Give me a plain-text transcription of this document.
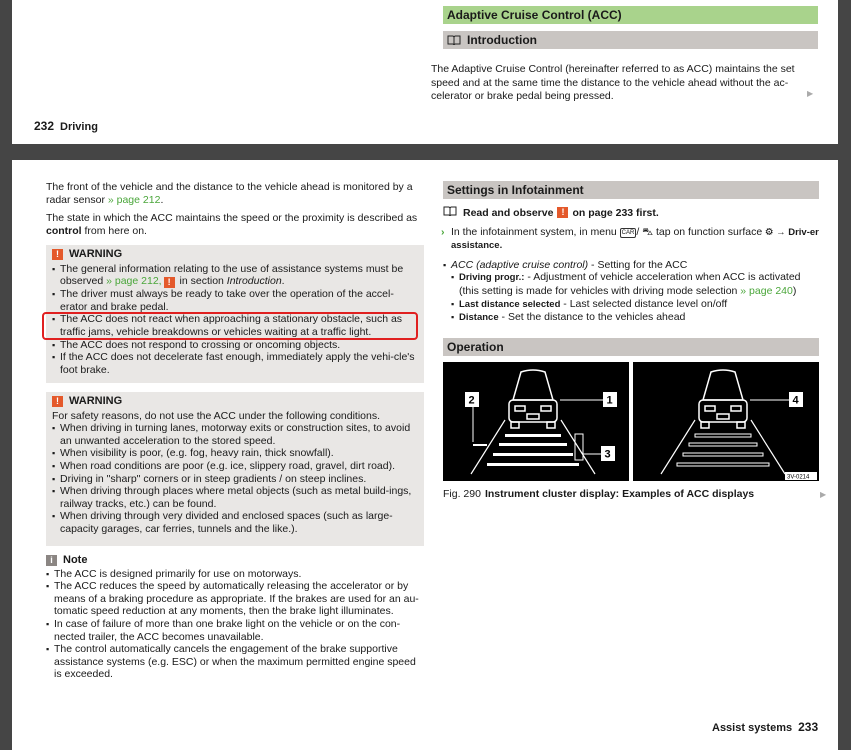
Adaptive Cruise Control (ACC)
Introduction
The Adaptive Cruise Control (hereinafter referred to as ACC) maintains the set speed and at the same time the distance to the vehicle ahead without the ac-celerator or brake pedal being pressed.	▶
232 Driving

The front of the vehicle and the distance to the vehicle ahead is monitored by a radar sensor » page 212.

The state in which the ACC maintains the speed or the proximity is described as control from here on.

! WARNING
▪ The general information relating to the use of assistance systems must be observed » page 212, ! in section Introduction.
▪ The driver must always be ready to take over the operation of the accel-erator and brake pedal.
▪ The ACC does not react when approaching a stationary obstacle, such as traffic jams, vehicle breakdowns or vehicles waiting at a traffic light.
▪ The ACC does not respond to crossing or oncoming objects.
▪ If the ACC does not decelerate fast enough, immediately apply the vehi-cle's foot brake.
! WARNING
For safety reasons, do not use the ACC under the following conditions.
▪ When driving in turning lanes, motorway exits or construction sites, to avoid an unwanted acceleration to the stored speed.
▪ When visibility is poor, (e.g. fog, heavy rain, thick snowfall).
▪ When road conditions are poor (e.g. ice, slippery road, gravel, dirt road).
▪ Driving in "sharp" corners or in steep gradients / on steep inclines.
▪ When driving through places where metal objects (such as metal build-ings, railway tracks, etc.) can be found.
▪ When driving through very divided and enclosed spaces (such as large-capacity garages, car ferries, tunnels and the like.).
i Note
▪ The ACC is designed primarily for use on motorways.
▪ The ACC reduces the speed by automatically releasing the accelerator or by means of a braking procedure as appropriate. If the brakes are used for an au-tomatic speed reduction at any moments, then the brake light illuminates.
▪ In case of failure of more than one brake light on the vehicle or on the con-nected trailer, the ACC becomes unavailable.
▪ The control automatically cancels the engagement of the brake supportive assistance systems (e.g. ESC) or when the maximum permitted engine speed is exceeded.
Settings in Infotainment
Read and observe ! on page 233 first.
› In the infotainment system, in menu CAR / ⛍ tap on function surface ⚙ → Driv-er assistance.
▪ ACC (adaptive cruise control) - Setting for the ACC
▪ Driving progr.: - Adjustment of vehicle acceleration when ACC is activated (this setting is made for vehicles with driving mode selection » page 240)
▪ Last distance selected - Last selected distance level on/off
▪ Distance - Set the distance to the vehicles ahead
Operation
1
2
3
4
3V-0214
Fig. 290 Instrument cluster display: Examples of ACC displays	▶
Assist systems 233
